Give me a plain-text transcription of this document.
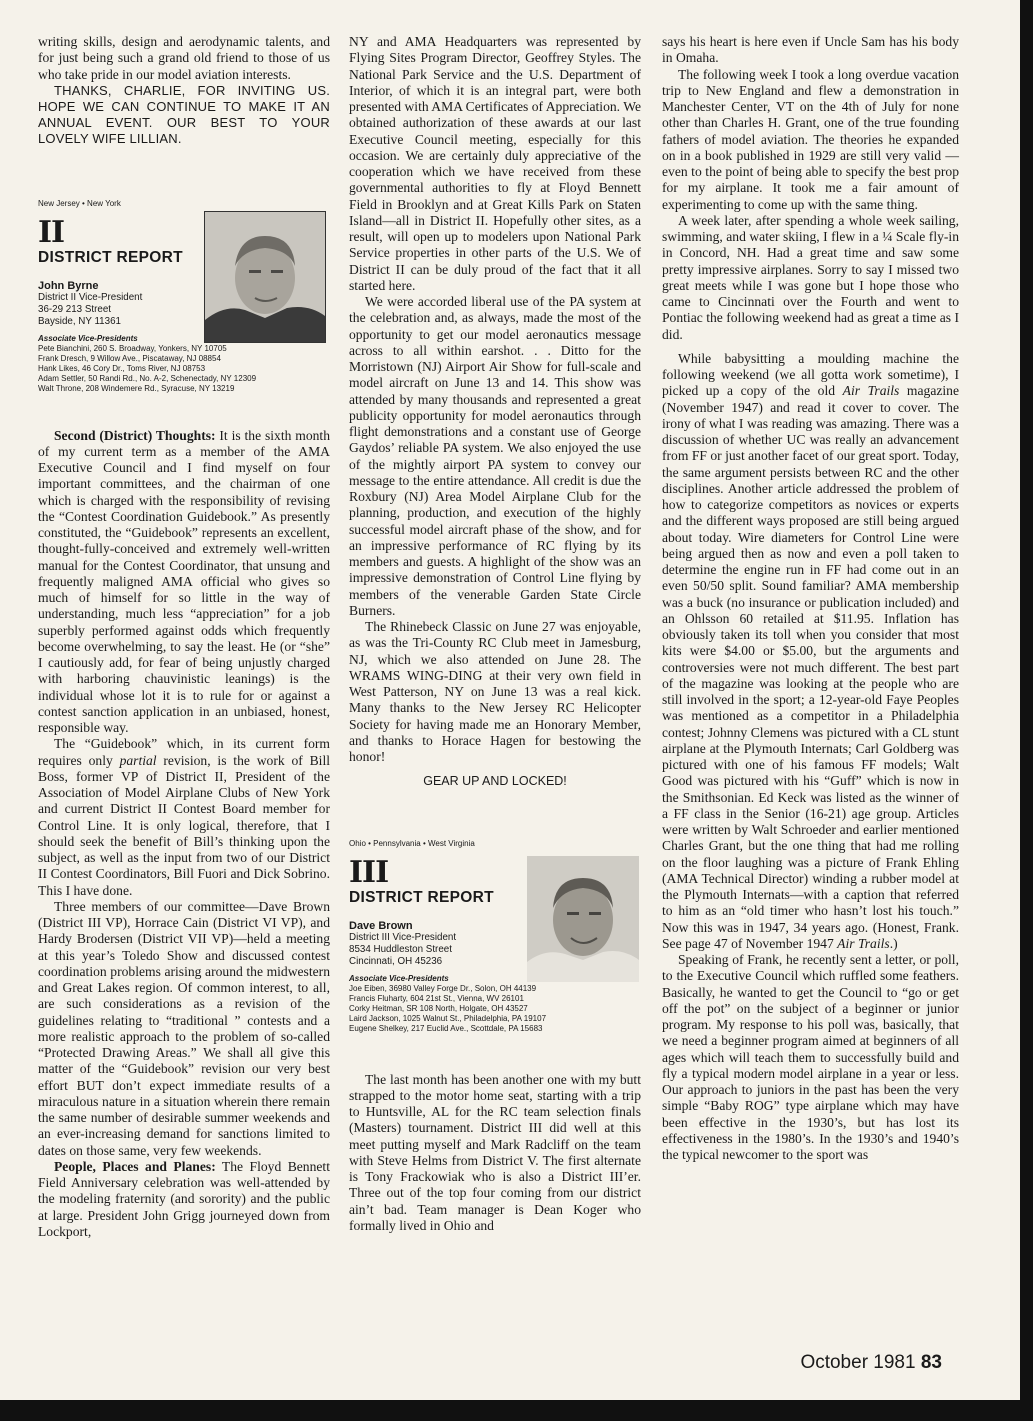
writing skills, design and aerodynamic talents, and for just being such a grand old friend to those of us who take pride in our model aviation interests.

THANKS, CHARLIE, FOR INVITING US. HOPE WE CAN CONTINUE TO MAKE IT AN ANNUAL EVENT. OUR BEST TO YOUR LOVELY WIFE LILLIAN.

New Jersey • New York
II
DISTRICT REPORT
John Byrne
District II Vice-President
36-29 213 Street
Bayside, NY 11361
Associate Vice-Presidents
Pete Bianchini, 260 S. Broadway, Yonkers, NY 10705
Frank Dresch, 9 Willow Ave., Piscataway, NJ 08854
Hank Likes, 46 Cory Dr., Toms River, NJ 08753
Adam Settler, 50 Randi Rd., No. A-2, Schenectady, NY 12309
Walt Throne, 208 Windemere Rd., Syracuse, NY 13219

Second (District) Thoughts: It is the sixth month of my current term as a member of the AMA Executive Council and I find myself on four important committees, and the chairman of one which is charged with the responsibility of revising the “Contest Coordination Guidebook.” As presently constituted, the “Guidebook” represents an excellent, thought-fully-conceived and extremely well-written manual for the Contest Coordinator, that unsung and frequently maligned AMA official who gives so much of himself for so little in the way of understanding, much less “appreciation” for a job superbly performed against odds which frequently become overwhelming, to say the least. He (or “she” I cautiously add, for fear of being unjustly charged with harboring chauvinistic leanings) is the individual whose lot it is to rule for or against a contest sanction application in an unbiased, honest, responsible way.

The “Guidebook” which, in its current form requires only partial revision, is the work of Bill Boss, former VP of District II, President of the Association of Model Airplane Clubs of New York and current District II Contest Board member for Control Line. It is only logical, therefore, that I should seek the benefit of Bill’s thinking upon the subject, as well as the input from two of our District II Contest Coordinators, Bill Fuori and Dick Sobrino. This I have done.

Three members of our committee—Dave Brown (District III VP), Horrace Cain (District VI VP), and Hardy Brodersen (District VII VP)—held a meeting at this year’s Toledo Show and discussed contest coordination problems arising around the midwestern and Great Lakes region. Of common interest, to all, are such considerations as a revision of the guidelines relating to “traditional ” contests and a more realistic approach to the problem of so-called “Protected Drawing Areas.” We shall all give this matter of the “Guidebook” revision our very best effort BUT don’t expect immediate results of a miraculous nature in a situation wherein there remain the same number of desirable summer weekends and an ever-increasing demand for sanctions limited to dates on those same, very few weekends.

People, Places and Planes: The Floyd Bennett Field Anniversary celebration was well-attended by the modeling fraternity (and sorority) and the public at large. President John Grigg journeyed down from Lockport,

NY and AMA Headquarters was represented by Flying Sites Program Director, Geoffrey Styles. The National Park Service and the U.S. Department of Interior, of which it is an integral part, were both presented with AMA Certificates of Appreciation. We obtained authorization of these awards at our last Executive Council meeting, especially for this occasion. We are certainly duly appreciative of the cooperation which we have received from these governmental authorities to fly at Floyd Bennett Field in Brooklyn and at Great Kills Park on Staten Island—all in District II. Hopefully other sites, as a result, will open up to modelers upon National Park Service properties in other parts of the U.S. We of District II can be duly proud of the fact that it all started here.

We were accorded liberal use of the PA system at the celebration and, as always, made the most of the opportunity to get our model aeronautics message across to all within earshot. . . Ditto for the Morristown (NJ) Airport Air Show for full-scale and model aircraft on June 13 and 14. This show was attended by many thousands and represented a great publicity opportunity for model aeronautics through flight demonstrations and a constant use of George Gaydos’ reliable PA system. We also enjoyed the use of the mightly airport PA system to convey our message to the entire attendance. All credit is due the Roxbury (NJ) Area Model Airplane Club for the planning, production, and execution of the highly successful model aircraft phase of the show, and for an impressive performance of RC flying by its members and guests. A highlight of the show was an impressive demonstration of Control Line flying by members of the venerable Garden State Circle Burners.

The Rhinebeck Classic on June 27 was enjoyable, as was the Tri-County RC Club meet in Jamesburg, NJ, which we also attended on June 28. The WRAMS WING-DING at their very own field in West Patterson, NY on June 13 was a real kick. Many thanks to the New Jersey RC Helicopter Society for having made me an Honorary Member, and thanks to Horace Hagen for bestowing the honor!

GEAR UP AND LOCKED!

Ohio • Pennsylvania • West Virginia
III
DISTRICT REPORT
Dave Brown
District III Vice-President
8534 Huddleston Street
Cincinnati, OH 45236
Associate Vice-Presidents
Joe Eiben, 36980 Valley Forge Dr., Solon, OH 44139
Francis Fluharty, 604 21st St., Vienna, WV 26101
Corky Heitman, SR 108 North, Holgate, OH 43527
Laird Jackson, 1025 Walnut St., Philadelphia, PA 19107
Eugene Shelkey, 217 Euclid Ave., Scottdale, PA 15683

The last month has been another one with my butt strapped to the motor home seat, starting with a trip to Huntsville, AL for the RC team selection finals (Masters) tournament. District III did well at this meet putting myself and Mark Radcliff on the team with Steve Helms from District V. The first alternate is Tony Frackowiak who is also a District III’er. Three out of the top four coming from our district ain’t bad. Team manager is Dean Koger who formally lived in Ohio and

says his heart is here even if Uncle Sam has his body in Omaha.

The following week I took a long overdue vacation trip to New England and flew a demonstration in Manchester Center, VT on the 4th of July for none other than Charles H. Grant, one of the true founding fathers of model aviation. The theories he expanded on in a book published in 1929 are still very valid —even to the point of being able to specify the best prop for my airplane. It took me a fair amount of experimenting to come up with the same thing.

A week later, after spending a whole week sailing, swimming, and water skiing, I flew in a ¼ Scale fly-in in Concord, NH. Had a great time and saw some pretty impressive airplanes. Sorry to say I missed two great meets while I was gone but I hope those who came to Cincinnati over the Fourth and went to Pontiac the following weekend had as great a time as I did.

While babysitting a moulding machine the following weekend (we all gotta work sometime), I picked up a copy of the old Air Trails magazine (November 1947) and read it cover to cover. The irony of what I was reading was amazing. There was a discussion of whether UC was really an advancement from FF or just another facet of our great sport. Today, the same argument persists between RC and the other disciplines. Another article addressed the problem of how to categorize competitors as novices or experts and the different ways proposed are still being argued about today. Wire diameters for Control Line were being argued then as now and even a poll taken to determine the engine run in FF had come out in an even 50/50 split. Sound familiar? AMA membership was a buck (no insurance or publication included) and an Ohlsson 60 retailed at $11.95. Inflation has obviously taken its toll when you consider that most kits were $4.00 or $5.00, but the arguments and controversies were not much different. The best part of the magazine was looking at the people who are still involved in the sport; a 12-year-old Faye Peoples was mentioned as a competitor in a Philadelphia contest; Johnny Clemens was pictured with a CL stunt airplane at the Plymouth Internats; Carl Goldberg was pictured with one of his famous FF models; Walt Good was pictured with his “Guff” which is now in the Smithsonian. Ed Keck was listed as the winner of a FF class in the Senior (16-21) age group. Articles were written by Walt Schroeder and earlier mentioned Charles Grant, but the one thing that had me rolling on the floor laughing was a picture of Frank Ehling (AMA Technical Director) winding a rubber model at the Plymouth Internats—with a caption that referred to him as an “old timer who hasn’t lost his touch.” Now this was in 1947, 34 years ago. (Honest, Frank. See page 47 of November 1947 Air Trails.)

Speaking of Frank, he recently sent a letter, or poll, to the Executive Council which ruffled some feathers. Basically, he wanted to get the Council to “go or get off the pot” on the subject of a beginner or junior program. My response to his poll was, basically, that we need a beginner program aimed at beginners of all ages which will teach them to successfully build and fly a typical modern model airplane in a year or less. Our approach to juniors in the past has been the very simple “Baby ROG” type airplane which may have been effective in the 1930’s, but has lost its effectiveness in the 1980’s. In the 1930’s and 1940’s the typical newcomer to the sport was

October 1981 83
